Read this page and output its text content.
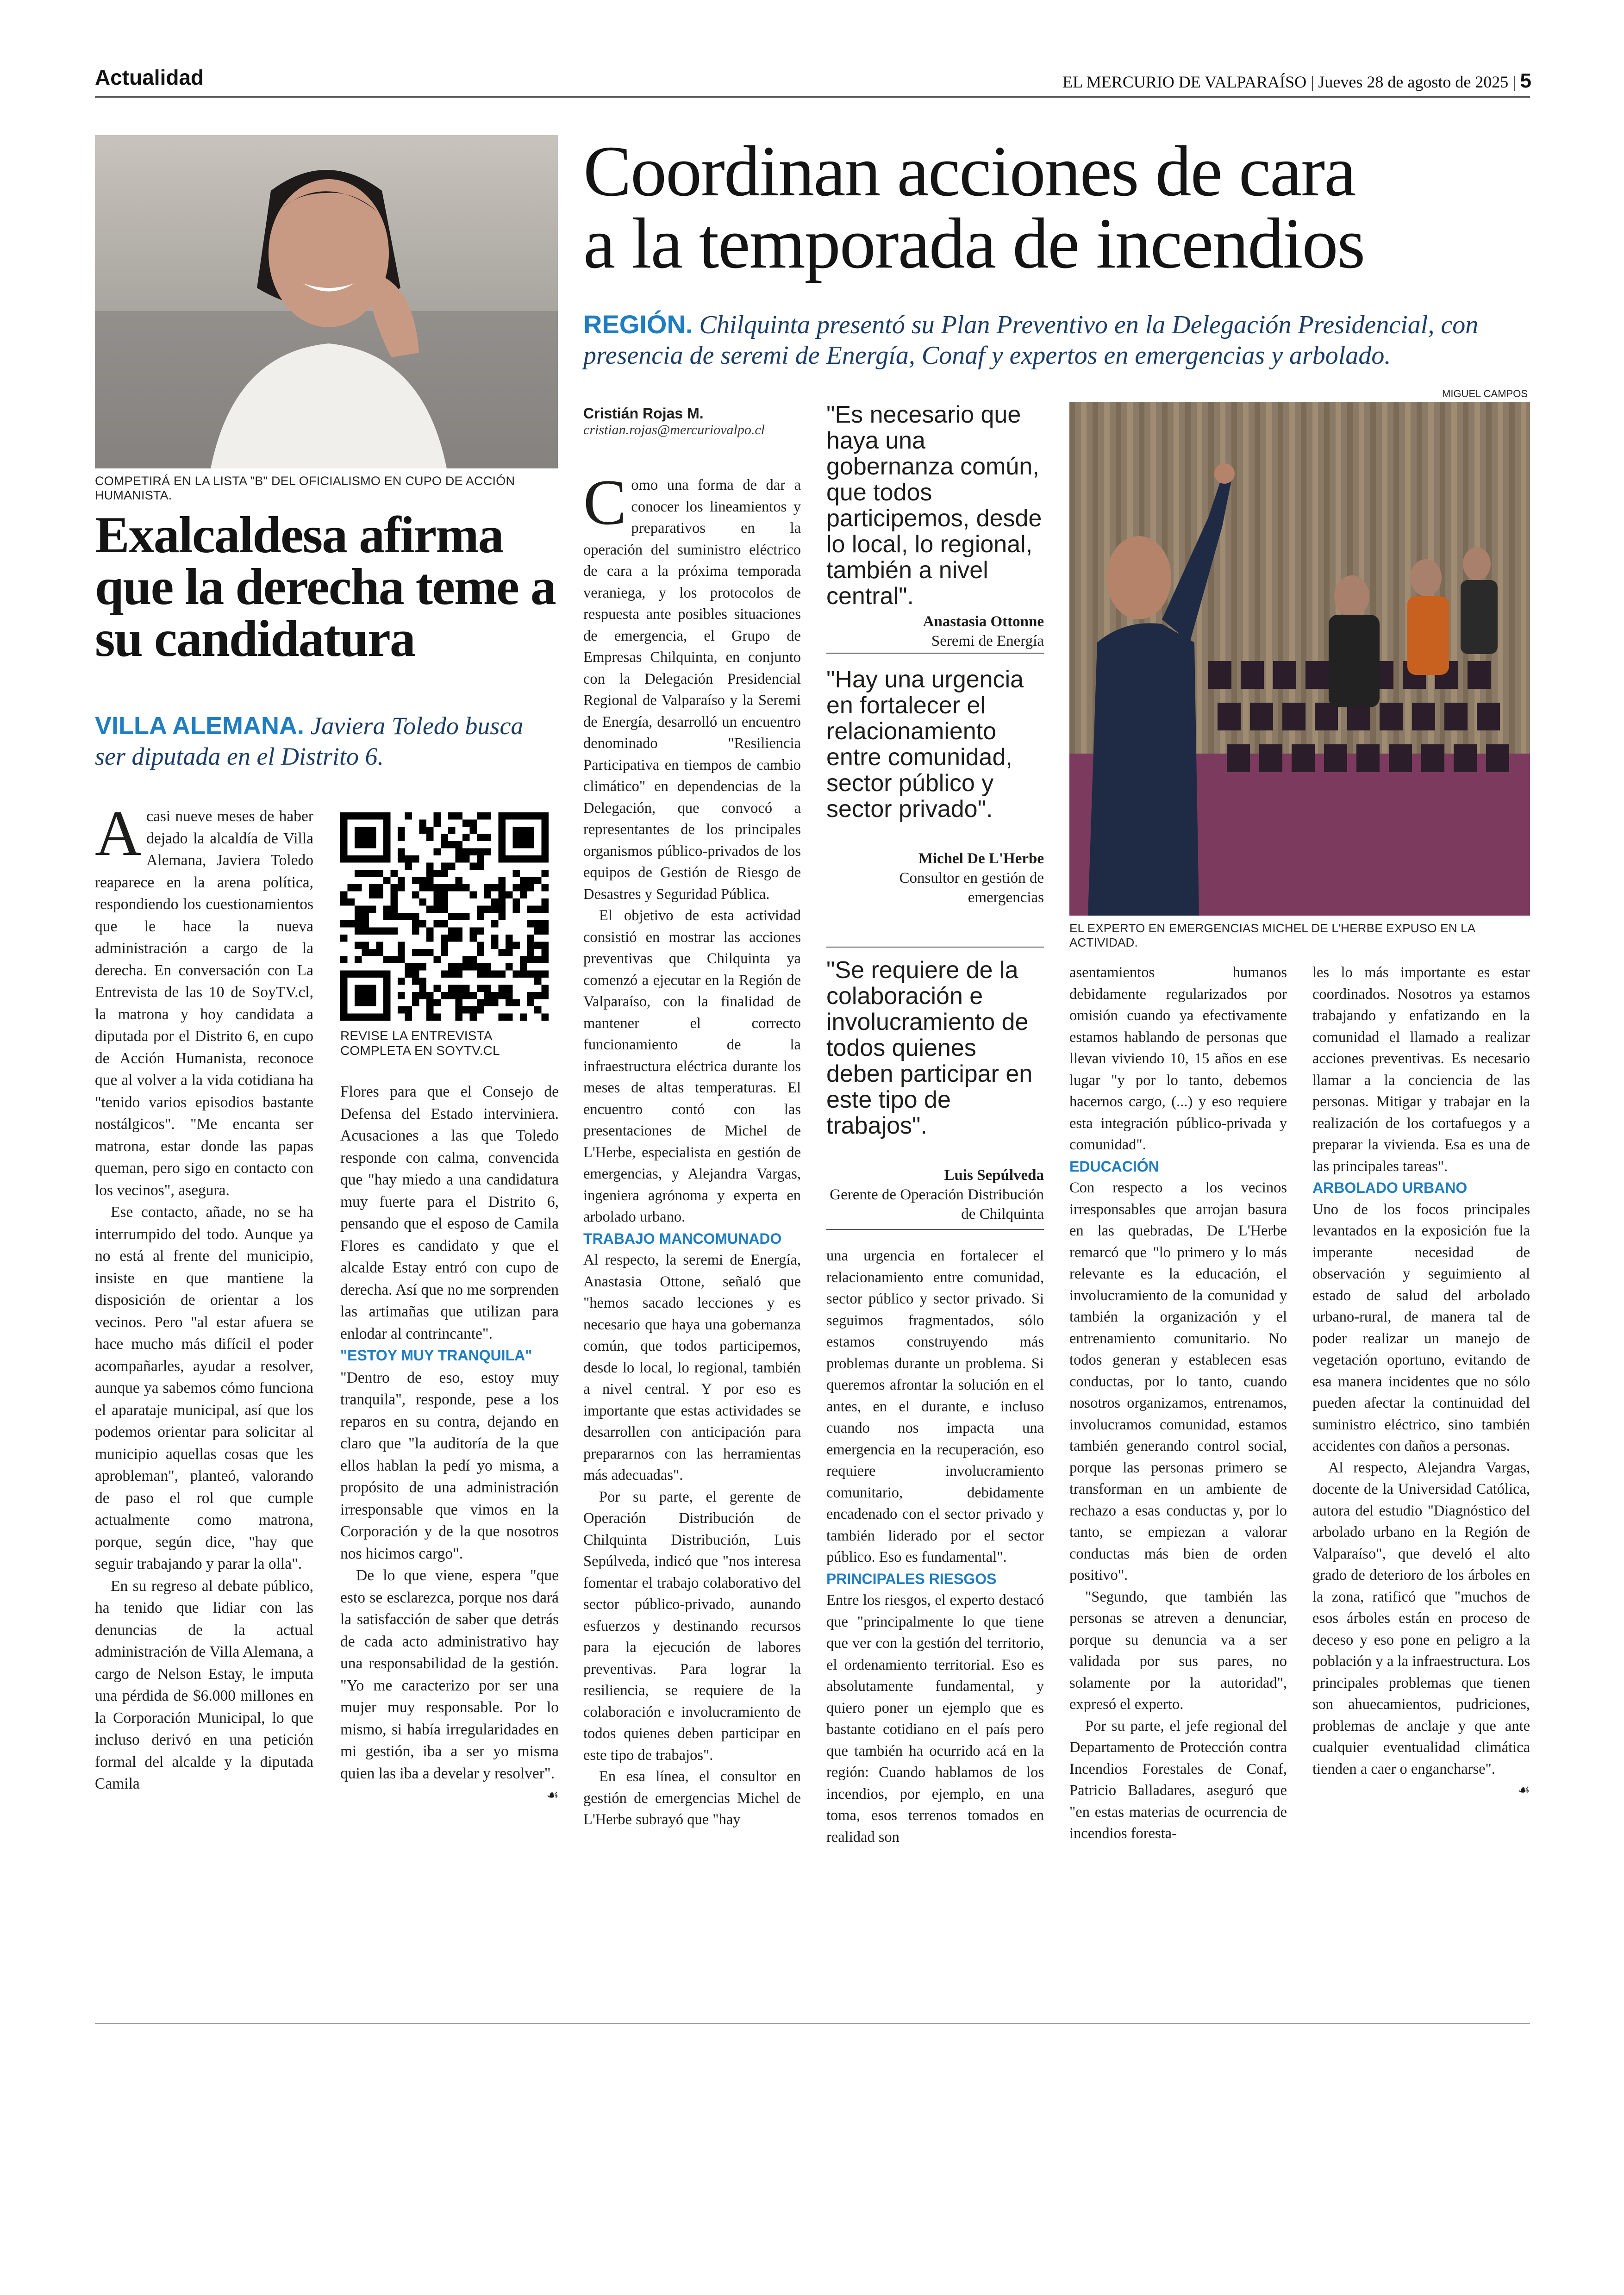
Actualidad	EL MERCURIO DE VALPARAÍSO | Jueves 28 de agosto de 2025 | 5
COMPETIRÁ EN LA LISTA "B" DEL OFICIALISMO EN CUPO DE ACCIÓN HUMANISTA.
Exalcaldesa afirma que la derecha teme a su candidatura
VILLA ALEMANA. Javiera Toledo busca ser diputada en el Distrito 6.

Acasi nueve meses de haber dejado la alcaldía de Villa Alemana, Javiera Toledo reaparece en la arena política, respondiendo los cuestionamientos que le hace la nueva administración a cargo de la derecha. En conversación con La Entrevista de las 10 de SoyTV.cl, la matrona y hoy candidata a diputada por el Distrito 6, en cupo de Acción Humanista, reconoce que al volver a la vida cotidiana ha "tenido varios episodios bastante nostálgicos". "Me encanta ser matrona, estar donde las papas queman, pero sigo en contacto con los vecinos", asegura.

Ese contacto, añade, no se ha interrumpido del todo. Aunque ya no está al frente del municipio, insiste en que mantiene la disposición de orientar a los vecinos. Pero "al estar afuera se hace mucho más difícil el poder acompañarles, ayudar a resolver, aunque ya sabemos cómo funciona el aparataje municipal, así que los podemos orientar para solicitar al municipio aquellas cosas que les aprobleman", planteó, valorando de paso el rol que cumple actualmente como matrona, porque, según dice, "hay que seguir trabajando y parar la olla".

En su regreso al debate público, ha tenido que lidiar con las denuncias de la actual administración de Villa Alemana, a cargo de Nelson Estay, le imputa una pérdida de $6.000 millones en la Corporación Municipal, lo que incluso derivó en una petición formal del alcalde y la diputada Camila

REVISE LA ENTREVISTA COMPLETA EN SOYTV.CL

Flores para que el Consejo de Defensa del Estado interviniera. Acusaciones a las que Toledo responde con calma, convencida que "hay miedo a una candidatura muy fuerte para el Distrito 6, pensando que el esposo de Camila Flores es candidato y que el alcalde Estay entró con cupo de derecha. Así que no me sorprenden las artimañas que utilizan para enlodar al contrincante".

"ESTOY MUY TRANQUILA"

"Dentro de eso, estoy muy tranquila", responde, pese a los reparos en su contra, dejando en claro que "la auditoría de la que ellos hablan la pedí yo misma, a propósito de una administración irresponsable que vimos en la Corporación y de la que nosotros nos hicimos cargo".

De lo que viene, espera "que esto se esclarezca, porque nos dará la satisfacción de saber que detrás de cada acto administrativo hay una responsabilidad de la gestión. "Yo me caracterizo por ser una mujer muy responsable. Por lo mismo, si había irregularidades en mi gestión, iba a ser yo misma quien las iba a develar y resolver".

☙

Coordinan acciones de cara
a la temporada de incendios
REGIÓN. Chilquinta presentó su Plan Preventivo en la Delegación Presidencial, con presencia de seremi de Energía, Conaf y expertos en emergencias y arbolado.
MIGUEL CAMPOS
EL EXPERTO EN EMERGENCIAS MICHEL DE L'HERBE EXPUSO EN LA ACTIVIDAD.
Cristián Rojas M.
cristian.rojas@mercuriovalpo.cl

Como una forma de dar a conocer los lineamientos y preparativos en la operación del suministro eléctrico de cara a la próxima temporada veraniega, y los protocolos de respuesta ante posibles situaciones de emergencia, el Grupo de Empresas Chilquinta, en conjunto con la Delegación Presidencial Regional de Valparaíso y la Seremi de Energía, desarrolló un encuentro denominado "Resiliencia Participativa en tiempos de cambio climático" en dependencias de la Delegación, que convocó a representantes de los principales organismos público-privados de los equipos de Gestión de Riesgo de Desastres y Seguridad Pública.

El objetivo de esta actividad consistió en mostrar las acciones preventivas que Chilquinta ya comenzó a ejecutar en la Región de Valparaíso, con la finalidad de mantener el correcto funcionamiento de la infraestructura eléctrica durante los meses de altas temperaturas. El encuentro contó con las presentaciones de Michel de L'Herbe, especialista en gestión de emergencias, y Alejandra Vargas, ingeniera agrónoma y experta en arbolado urbano.

TRABAJO MANCOMUNADO

Al respecto, la seremi de Energía, Anastasia Ottone, señaló que "hemos sacado lecciones y es necesario que haya una gobernanza común, que todos participemos, desde lo local, lo regional, también a nivel central. Y por eso es importante que estas actividades se desarrollen con anticipación para prepararnos con las herramientas más adecuadas".

Por su parte, el gerente de Operación Distribución de Chilquinta Distribución, Luis Sepúlveda, indicó que "nos interesa fomentar el trabajo colaborativo del sector público-privado, aunando esfuerzos y destinando recursos para la ejecución de labores preventivas. Para lograr la resiliencia, se requiere de la colaboración e involucramiento de todos quienes deben participar en este tipo de trabajos".

En esa línea, el consultor en gestión de emergencias Michel de L'Herbe subrayó que "hay

"Es necesario que haya una gobernanza común, que todos participemos, desde lo local, lo regional, también a nivel central".
Anastasia Ottonne
Seremi de Energía
"Hay una urgencia en fortalecer el relacionamiento entre comunidad, sector público y sector privado".
Michel De L'Herbe
Consultor en gestión de emergencias
"Se requiere de la colaboración e involucramiento de todos quienes deben participar en este tipo de trabajos".
Luis Sepúlveda
Gerente de Operación Distribución de Chilquinta

una urgencia en fortalecer el relacionamiento entre comunidad, sector público y sector privado. Si seguimos fragmentados, sólo estamos construyendo más problemas durante un problema. Si queremos afrontar la solución en el antes, en el durante, e incluso cuando nos impacta una emergencia en la recuperación, eso requiere involucramiento comunitario, debidamente encadenado con el sector privado y también liderado por el sector público. Eso es fundamental".

PRINCIPALES RIESGOS

Entre los riesgos, el experto destacó que "principalmente lo que tiene que ver con la gestión del territorio, el ordenamiento territorial. Eso es absolutamente fundamental, y quiero poner un ejemplo que es bastante cotidiano en el país pero que también ha ocurrido acá en la región: Cuando hablamos de los incendios, por ejemplo, en una toma, esos terrenos tomados en realidad son

asentamientos humanos debidamente regularizados por omisión cuando ya efectivamente estamos hablando de personas que llevan viviendo 10, 15 años en ese lugar "y por lo tanto, debemos hacernos cargo, (...) y eso requiere esta integración público-privada y comunidad".

EDUCACIÓN

Con respecto a los vecinos irresponsables que arrojan basura en las quebradas, De L'Herbe remarcó que "lo primero y lo más relevante es la educación, el involucramiento de la comunidad y también la organización y el entrenamiento comunitario. No todos generan y establecen esas conductas, por lo tanto, cuando nosotros organizamos, entrenamos, involucramos comunidad, estamos también generando control social, porque las personas primero se transforman en un ambiente de rechazo a esas conductas y, por lo tanto, se empiezan a valorar conductas más bien de orden positivo".

"Segundo, que también las personas se atreven a denunciar, porque su denuncia va a ser validada por sus pares, no solamente por la autoridad", expresó el experto.

Por su parte, el jefe regional del Departamento de Protección contra Incendios Forestales de Conaf, Patricio Balladares, aseguró que "en estas materias de ocurrencia de incendios foresta-

les lo más importante es estar coordinados. Nosotros ya estamos trabajando y enfatizando en la comunidad el llamado a realizar acciones preventivas. Es necesario llamar a la conciencia de las personas. Mitigar y trabajar en la realización de los cortafuegos y a preparar la vivienda. Esa es una de las principales tareas".

ARBOLADO URBANO

Uno de los focos principales levantados en la exposición fue la imperante necesidad de observación y seguimiento al estado de salud del arbolado urbano-rural, de manera tal de poder realizar un manejo de vegetación oportuno, evitando de esa manera incidentes que no sólo pueden afectar la continuidad del suministro eléctrico, sino también accidentes con daños a personas.

Al respecto, Alejandra Vargas, docente de la Universidad Católica, autora del estudio "Diagnóstico del arbolado urbano en la Región de Valparaíso", que develó el alto grado de deterioro de los árboles en la zona, ratificó que "muchos de esos árboles están en proceso de deceso y eso pone en peligro a la población y a la infraestructura. Los principales problemas que tienen son ahuecamientos, pudriciones, problemas de anclaje y que ante cualquier eventualidad climática tienden a caer o engancharse".

☙
